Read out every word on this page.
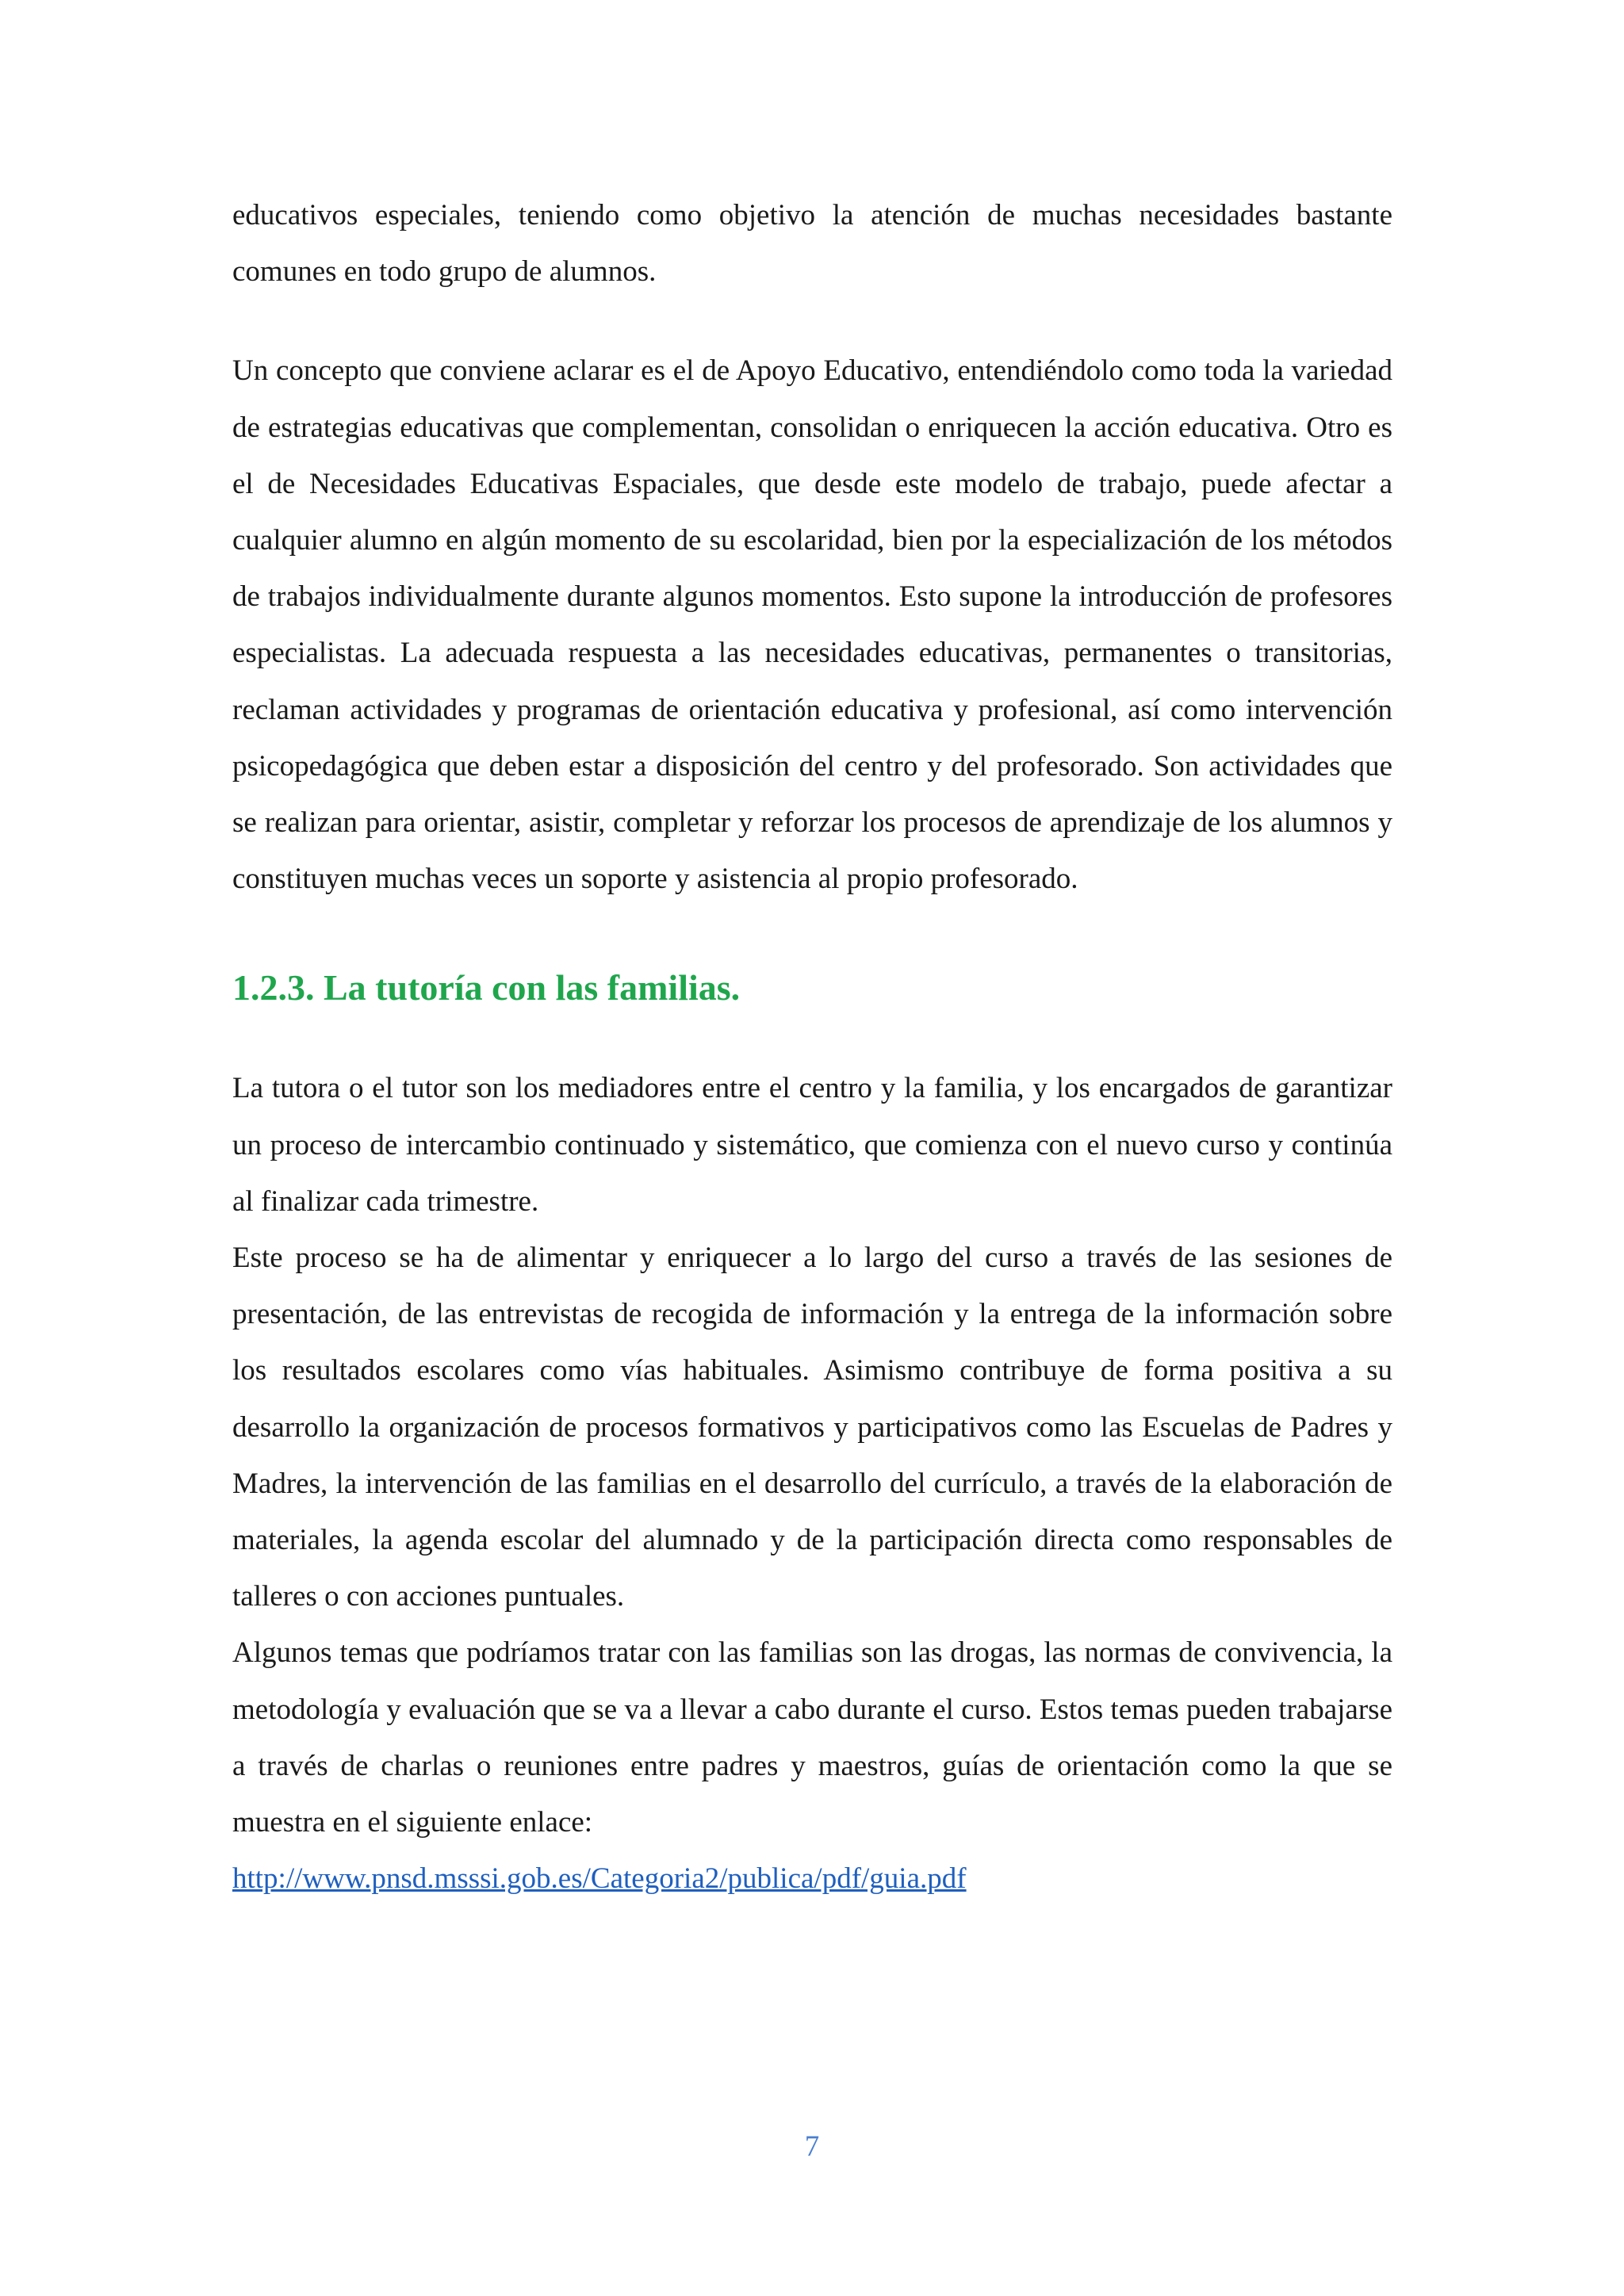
educativos especiales, teniendo como objetivo la atención de muchas necesidades bastante comunes en todo grupo de alumnos.

Un concepto que conviene aclarar es el de Apoyo Educativo, entendiéndolo como toda la variedad de estrategias educativas que complementan, consolidan o enriquecen la acción educativa. Otro es el de Necesidades Educativas Espaciales, que desde este modelo de trabajo, puede afectar a cualquier alumno en algún momento de su escolaridad, bien por la especialización de los métodos de trabajos individualmente durante algunos momentos. Esto supone la introducción de profesores especialistas. La adecuada respuesta a las necesidades educativas, permanentes o transitorias, reclaman actividades y programas de orientación educativa y profesional, así como intervención psicopedagógica que deben estar a disposición del centro y del profesorado. Son actividades que se realizan para orientar, asistir, completar y reforzar los procesos de aprendizaje de los alumnos y constituyen muchas veces un soporte y asistencia al propio profesorado.

1.2.3. La tutoría con las familias.

La tutora o el tutor son los mediadores entre el centro y la familia, y los encargados de garantizar un proceso de intercambio continuado y sistemático, que comienza con el nuevo curso y continúa al finalizar cada trimestre.

Este proceso se ha de alimentar y enriquecer a lo largo del curso a través de las sesiones de presentación, de las entrevistas de recogida de información y la entrega de la información sobre los resultados escolares como vías habituales. Asimismo contribuye de forma positiva a su desarrollo la organización de procesos formativos y participativos como las Escuelas de Padres y Madres, la intervención de las familias en el desarrollo del currículo, a través de la elaboración de materiales, la agenda escolar del alumnado y de la participación directa como responsables de talleres o con acciones puntuales.

Algunos temas que podríamos tratar con las familias son las drogas, las normas de convivencia, la metodología y evaluación que se va a llevar a cabo durante el curso. Estos temas pueden trabajarse a través de charlas o reuniones entre padres y maestros, guías de orientación como la que se muestra en el siguiente enlace:

http://www.pnsd.msssi.gob.es/Categoria2/publica/pdf/guia.pdf

7
